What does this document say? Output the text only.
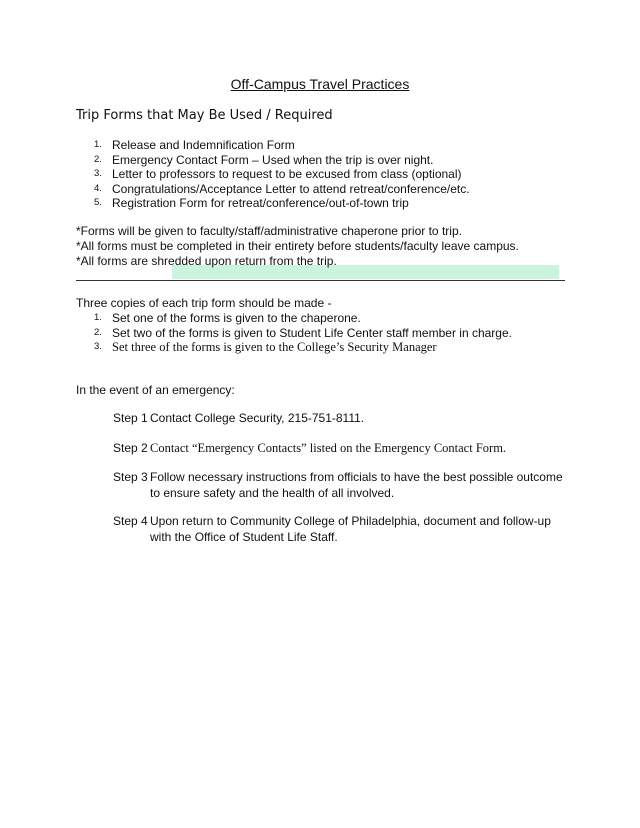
Off-Campus Travel Practices
Trip Forms that May Be Used / Required
1. Release and Indemnification Form
2. Emergency Contact Form – Used when the trip is over night.
3. Letter to professors to request to be excused from class (optional)
4. Congratulations/Acceptance Letter to attend retreat/conference/etc.
5. Registration Form for retreat/conference/out-of-town trip
*Forms will be given to faculty/staff/administrative chaperone prior to trip.
*All forms must be completed in their entirety before students/faculty leave campus.
*All forms are shredded upon return from the trip.
Three copies of each trip form should be made -
1. Set one of the forms is given to the chaperone.
2. Set two of the forms is given to Student Life Center staff member in charge.
3. Set three of the forms is given to the College’s Security Manager
In the event of an emergency:
Step 1 Contact College Security, 215-751-8111.
Step 2 Contact “Emergency Contacts” listed on the Emergency Contact Form.
Step 3 Follow necessary instructions from officials to have the best possible outcome to ensure safety and the health of all involved.
Step 4 Upon return to Community College of Philadelphia, document and follow-up with the Office of Student Life Staff.
